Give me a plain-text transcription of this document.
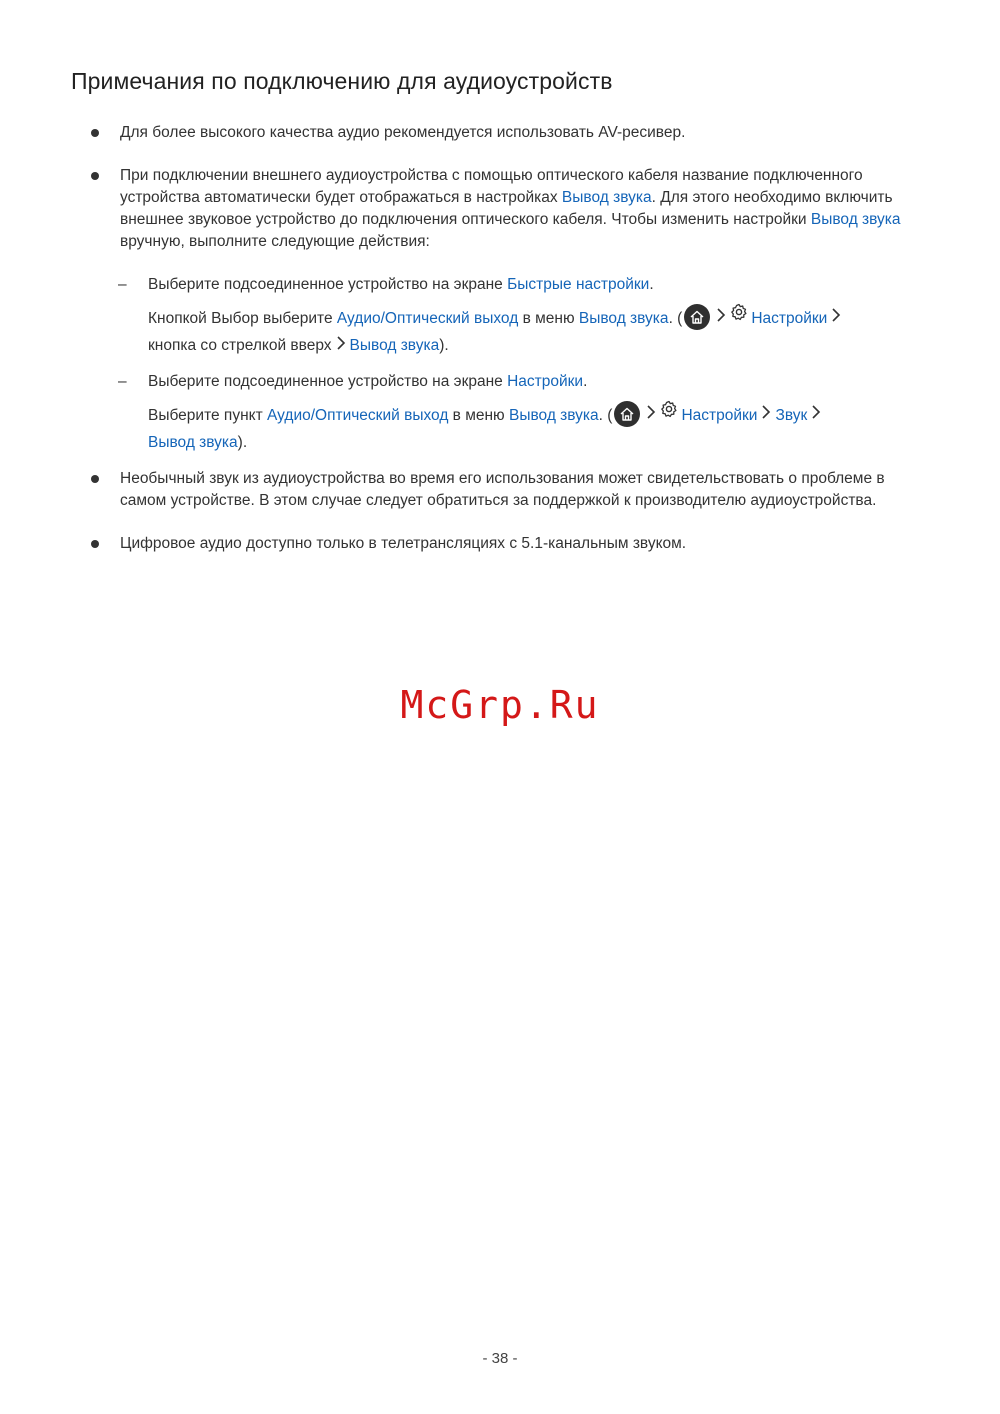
Примечания по подключению для аудиоустройств
Для более высокого качества аудио рекомендуется использовать AV-ресивер.
При подключении внешнего аудиоустройства с помощью оптического кабеля название подключенного устройства автоматически будет отображаться в настройках Вывод звука. Для этого необходимо включить внешнее звуковое устройство до подключения оптического кабеля. Чтобы изменить настройки Вывод звука вручную, выполните следующие действия:
– Выберите подсоединенное устройство на экране Быстрые настройки.
Кнопкой Выбор выберите Аудио/Оптический выход в меню Вывод звука. (	Настройки
кнопка со стрелкой вверх Вывод звука).
– Выберите подсоединенное устройство на экране Настройки.
Выберите пункт Аудио/Оптический выход в меню Вывод звука. (	Настройки Звук
Вывод звука).
Необычный звук из аудиоустройства во время его использования может свидетельствовать о проблеме в самом устройстве. В этом случае следует обратиться за поддержкой к производителю аудиоустройства.
Цифровое аудио доступно только в телетрансляциях с 5.1-канальным звуком.
McGrp.Ru
- 38 -
